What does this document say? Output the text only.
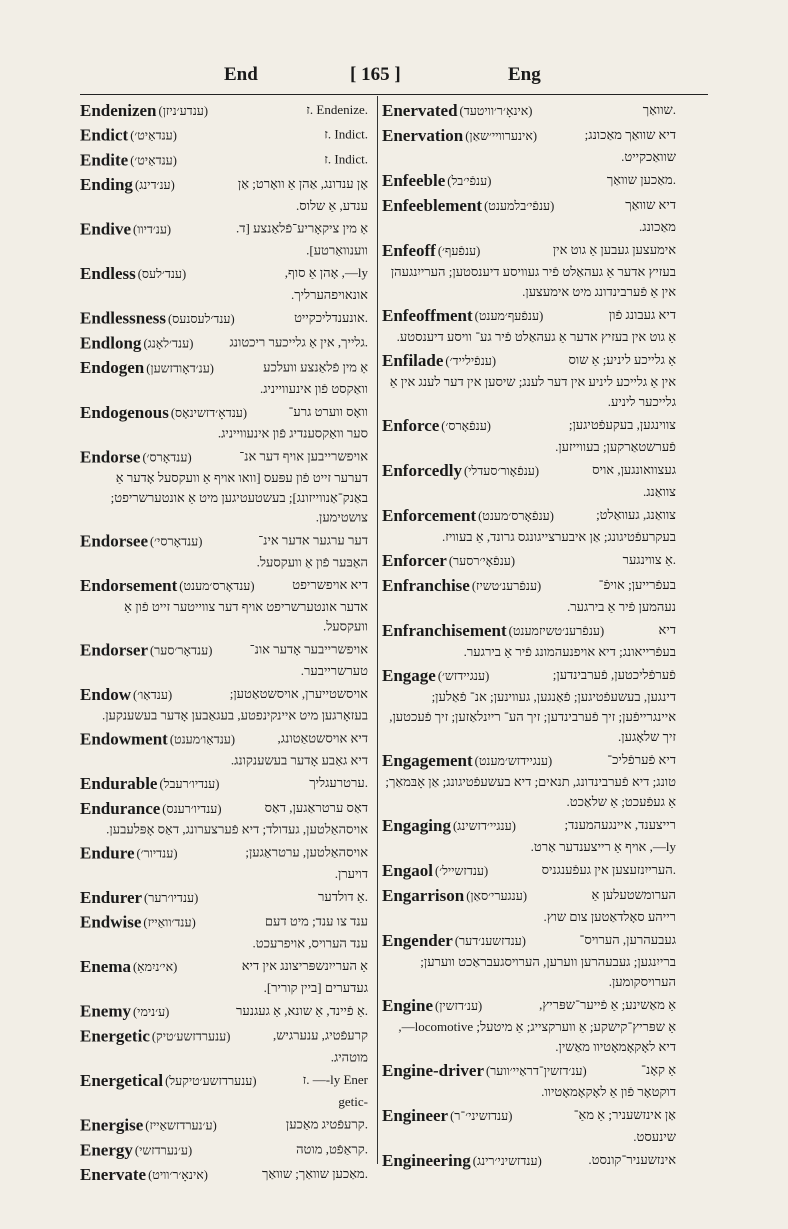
End	[ 165 ]	Eng
Endenizen (ענדע׳ניזן)	.Endenize .ז
Endict (ענדאַיט׳)	.Indict .ז
Endite (ענדאַיט׳)	.Indict .ז
Ending (ענ׳דינג)	אָן ענדונג, אַהן אַ וואָרט; אַן
ענדע, אַ שלוס.
Endive (ענ׳דיוו)	אַ מין ציקאָריע־פֿלאַנצע [ד.
ווענוואַרטע].
Endless (ענד׳לעס)	ly—, אָהן אַ סוף,
אונאויפהערליך.
Endlessness (ענד׳לעסנעס)	.אונענדליכקייט
Endlong (ענד׳לאָנג)	.גלייך, אין אַ גלייכער ריכטונג
Endogen (ענ׳דאָודזשען)	אַ מין פֿלאַנצע וועלכע
וואַקסט פֿון אינעווייניג.
Endogenous (ענדאָ׳דזשינאָס)	וואָס ווערט גרע־
סער וואַקסענדיג פֿון אינעווייניג.
Endorse (ענדאָרס׳)	אויפשרייבען אויף דער אנ־
דערער זייט פֿון עפּעס [וואו אויף אַ וועקסעל אָדער אַ באַנק־אַנווייזונג]; בעשטעטיגען מיט אַ אונטערשריפט; צושטימען.
Endorsee (ענדאָרסי׳)	דער ערגער אדער אינ־
האַבּער פֿון אַ וועקסעל.
Endorsement (ענדאָרס׳מענט)	דיא אויפשריפט
אדער אונטערשריפט אויף דער צווייטער זייט פֿון אַ וועקסעל.
Endorser (ענדאָר׳סער)	אויפשרייבער אָדער אונ־
טערשרייבער.
Endow (ענדאַו׳)	אויסשטייערן, אויסשטאַטען;
בעזאָרגען מיט איינקינפטע, בעגאַבען אָדער בעשענקען.
Endowment (ענדאַו׳מענט)	דיא אויסשטאַטונג,
דיא גאַבע אָדער בעשענקונג.
Endurable (ענדיו׳רעבל)	.ערטרעגליך
Endurance (ענדיו׳רענס)	דאַס ערטראַגען, דאַס
אויסהאַלטען, געדולד; דיא פֿערצערונג, דאַס אָפּלעבען.
Endure (ענדיור׳)	אויסהאַלטען, ערטראַגען;
דויערן.
Endurer (ענדיו׳רער)	.אַ דולדער
Endwise (ענד׳וואַייז)	ענד צו ענד; מיט דעם
ענד הערויס, אויפרעכט.
Enema (אי׳ניִמאַ)	אַ הערייִנשפּריצונג אין דיא
געדערים [ביין קוריר].
Enemy (ע׳נימי)	.אַ פֿיינד, אַ שונא, אַ געגנער
Energetic (ענערדזשע׳טיק)	קרעפֿטיג, ענערגיש,
מוטהיג.
Energetical (ענערדזשע׳טיקעל)	ly Ener-— .ז
-getic
Energise (ע׳נערדזשאַייז)	.קרעפֿטיג מאַכען
Energy (ע׳נערדזשי)	.קראַפֿט, מוטה
Enervate (אינאָ׳ר׳וויט)	.מאַכען שוואַך; שוואַך
Enervated (אינאָ׳ר׳וויטעד)	.שוואַך
Enervation (אינערוויי׳שאַן)	דיא שוואַך מאַכונג;
שוואַכקייט.
Enfeeble (ענפֿי׳בל)	.מאַכען שוואַך
Enfeeblement (ענפֿי׳בלמענט)	דיא שוואַך
מאַכונג.
Enfeoff (ענפֿעף׳)	אימעצען געבען אַ גוט אין
בעזיץ אדער אַ געהאַלט פֿיר געוויסע דיענסטען; הערייִנגעהן אין אַ פֿערבינדונג מיט אימעצען.
Enfeoffment (ענפֿעף׳מענט)	דיא געבונג פֿון
אַ גוט אין בעזיץ אדער אַ געהאַלט פֿיר גע־ וויסע דיענסטע.
Enfilade (ענפֿילייד׳)	אַ גלייכע ליניע; אַ שוס
אין אַ גלייכע ליניע אין דער לענג; שיסען אין דער לענג אין אַ גלייכער ליניע.
Enforce (ענפֿאָרס׳)	צווינגען, בעקעפֿטיגען;
פֿערשטאַרקען; בעווייזען.
Enforcedly (ענפֿאָור׳סעדלי)	געצוואונגען, אויס
צוואַנג.
Enforcement (ענפֿאָרס׳מענט)	צוואַנג, געוואַלט;
בעקרעפֿטיגונג; אַן איבערצייגונגס גרונד, אַ בעוויז.
Enforcer (ענפֿאָי׳רסער)	.אַ צווינגער
Enfranchise (ענפֿרענ׳טשיז)	בעפֿרייען; אויפֿ־
נעהמען פֿיר אַ בירגער.
Enfranchisement (ענפֿרענ׳טשיזמענט)	דיא
בעפֿרייאונג; דיא אויפנעהמונג פֿיר אַ בירגער.
Engage (ענגיידזש׳)	פֿערפֿליכטען, פֿערבינדען;
דינגען, בעשעפֿטיגען; פֿאַנגען, געווינען; אנ־ פֿאַלען; איינגרייפֿען; זיך פֿערבינדען; זיך הע־ רייִנלאַזען; זיך פֿעכטען, זיך שלאָגען.
Engagement (ענגיידזש׳מענט)	דיא פֿערפֿליכ־
טונג; דיא פֿערבינדונג, תנאים; דיא בעשעפֿטיגונג; אַן אָבּמאַך; אַ געפֿעכט; אַ שלאַכט.
Engaging (ענגיי׳דזשינג)	רייצענד, איינגעהמענד;
ly—, אויף אַ רייצענדער אַרט.
Engaol (ענדזשייל׳)	.הערייִנזעצען אין געפֿענגניס
Engarrison (ענגערי׳סאַן)	הערומשטעלען אַ
רייהע סאָלדאַטען צום שוץ.
Engender (ענדזשענ׳דער)	געבעהרען, הערויס־
ברייִנגען; געבעהרען ווערען, הערויסגעבראַכט ווערען; הערויסקומען.
Engine (ענ׳דזשין)	אַ מאַשינע; אַ פֿייער־שפּריץ,
אַ שפּריץ־קישקע; אַ ווערקצייג; אַ מיטעל; locomotive—, דיא לאָקאָמאָטיוו מאַשין.
Engine-driver (ענ׳דזשין־דראַיי׳ווער)	אַ קאָנ־
דוקטאָר פֿון אַ לאָקאָמאָטיוו.
Engineer (ענדזשיני׳־ר)	אַן אינזשעניר; אַ מאַ־
שינעסט.
Engineering (ענדזשיני׳רינג)	אינזשעניר־קונסט.
